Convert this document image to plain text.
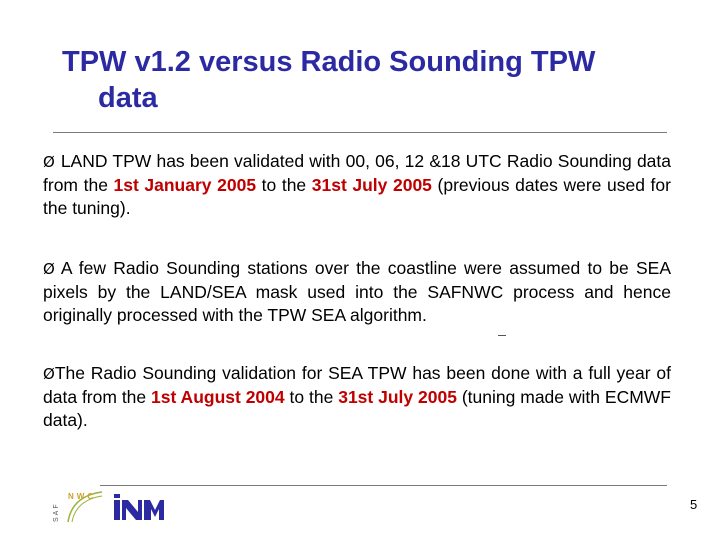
TPW v1.2 versus Radio Sounding TPW
data

Ø LAND TPW has been validated with 00, 06, 12 &18 UTC Radio Sounding data from the 1st January 2005 to the 31st July 2005 (previous dates were used for the tuning).

Ø A few Radio Sounding stations over the coastline were assumed to be SEA pixels by the LAND/SEA mask used into the SAFNWC process and hence originally processed with the TPW SEA algorithm.

ØThe Radio Sounding validation for SEA TPW has been done with a full year of data from the 1st August 2004 to the 31st July 2005 (tuning made with ECMWF data).

NWC
SAF
INM
5
